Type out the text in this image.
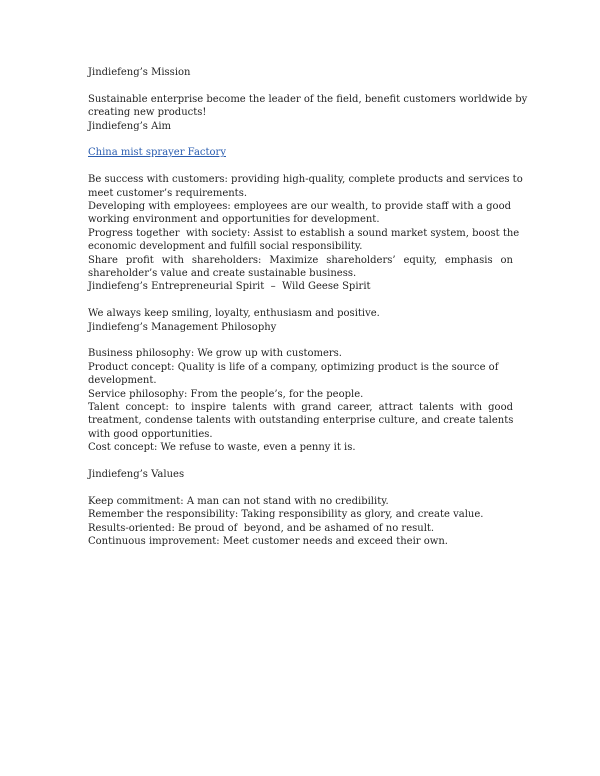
Jindiefeng’s Mission
Sustainable enterprise become the leader of the field, benefit customers worldwide by
creating new products!
Jindiefeng’s Aim
China mist sprayer Factory
Be success with customers: providing high-quality, complete products and services to
meet customer’s requirements.
Developing with employees: employees are our wealth, to provide staff with a good
working environment and opportunities for development.
Progress together  with society: Assist to establish a sound market system, boost the
economic development and fulfill social responsibility.
Share profit with shareholders: Maximize shareholders’ equity, emphasis on
shareholder’s value and create sustainable business.
Jindiefeng’s Entrepreneurial Spirit  –  Wild Geese Spirit
We always keep smiling, loyalty, enthusiasm and positive.
Jindiefeng’s Management Philosophy
Business philosophy: We grow up with customers.
Product concept: Quality is life of a company, optimizing product is the source of
development.
Service philosophy: From the people’s, for the people.
Talent concept: to inspire talents with grand career, attract talents with good
treatment, condense talents with outstanding enterprise culture, and create talents
with good opportunities.
Cost concept: We refuse to waste, even a penny it is.
Jindiefeng’s Values
Keep commitment: A man can not stand with no credibility.
Remember the responsibility: Taking responsibility as glory, and create value.
Results-oriented: Be proud of  beyond, and be ashamed of no result.
Continuous improvement: Meet customer needs and exceed their own.
